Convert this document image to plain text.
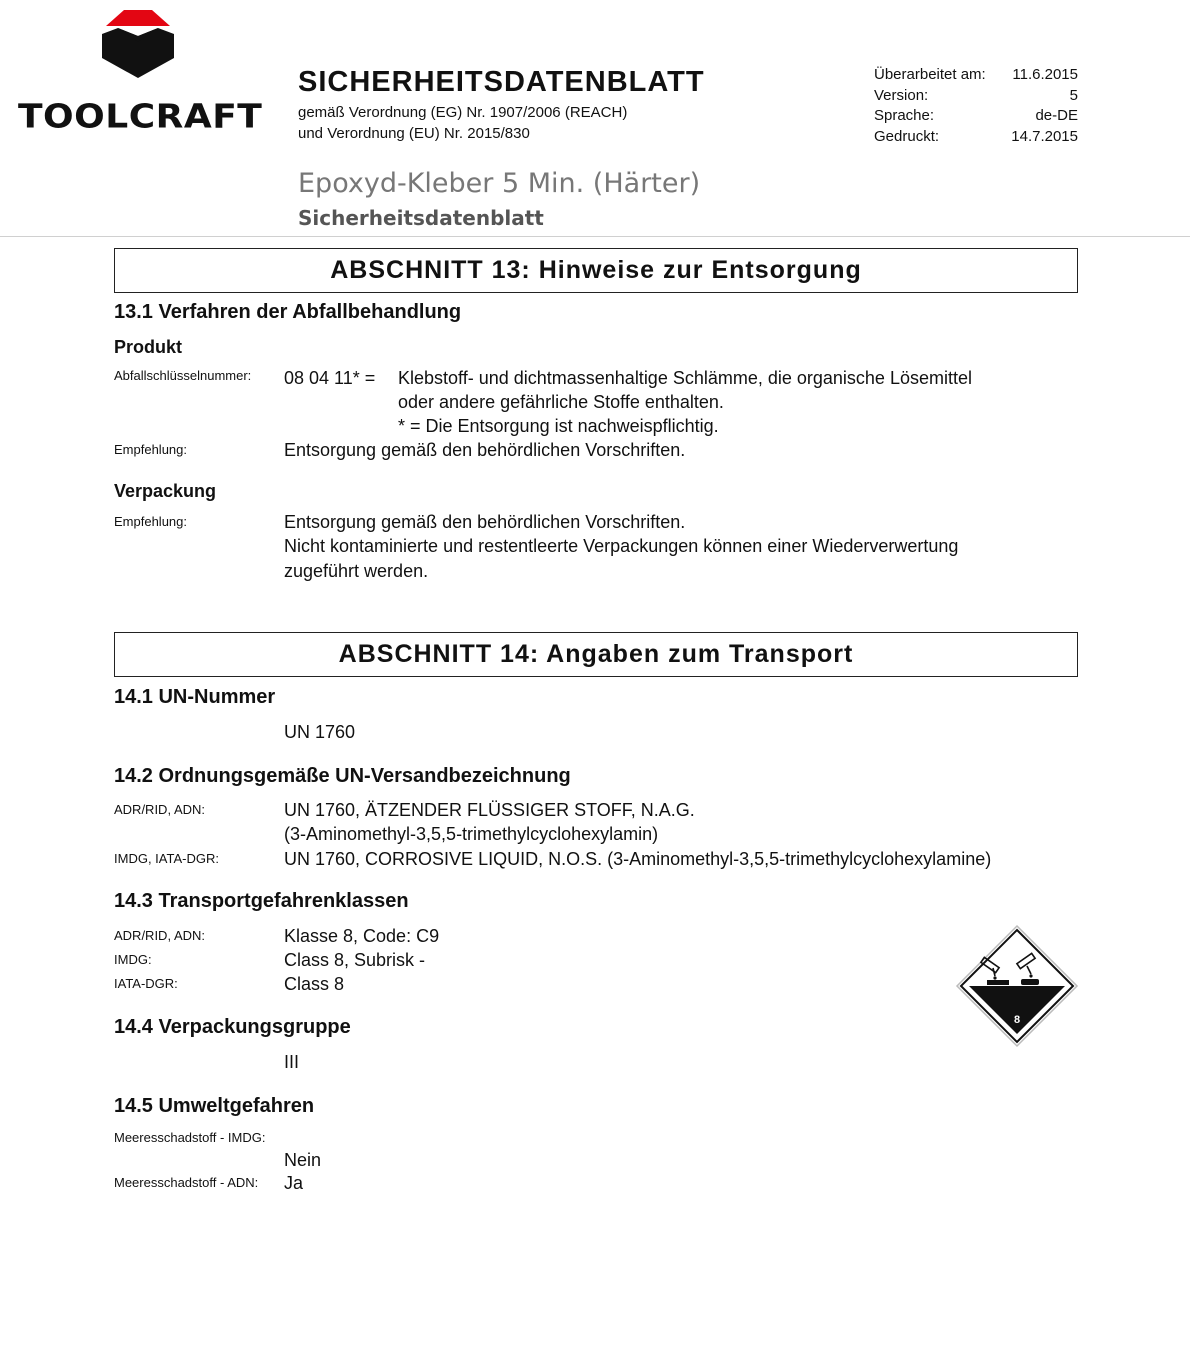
TOOLCRAFT
SICHERHEITSDATENBLATT
gemäß Verordnung (EG) Nr. 1907/2006 (REACH)
und Verordnung (EU) Nr. 2015/830
Überarbeitet am: 11.6.2015
Version:	5
Sprache:	de-DE
Gedruckt:	14.7.2015
Epoxyd-Kleber 5 Min. (Härter)
Sicherheitsdatenblatt
ABSCHNITT 13: Hinweise zur Entsorgung
13.1 Verfahren der Abfallbehandlung
Produkt
Abfallschlüsselnummer: 08 04 11* = Klebstoff- und dichtmassenhaltige Schlämme, die organische Lösemittel
oder andere gefährliche Stoffe enthalten.
* = Die Entsorgung ist nachweispflichtig.
Empfehlung:	Entsorgung gemäß den behördlichen Vorschriften.
Verpackung
Empfehlung:	Entsorgung gemäß den behördlichen Vorschriften.
Nicht kontaminierte und restentleerte Verpackungen können einer Wiederverwertung
zugeführt werden.
ABSCHNITT 14: Angaben zum Transport
14.1 UN-Nummer
UN 1760
14.2 Ordnungsgemäße UN-Versandbezeichnung
ADR/RID, ADN:	UN 1760, ÄTZENDER FLÜSSIGER STOFF, N.A.G.
(3-Aminomethyl-3,5,5-trimethylcyclohexylamin)
IMDG, IATA-DGR:	UN 1760, CORROSIVE LIQUID, N.O.S. (3-Aminomethyl-3,5,5-trimethylcyclohexylamine)
14.3 Transportgefahrenklassen
ADR/RID, ADN:	Klasse 8, Code: C9
IMDG:	Class 8, Subrisk -
IATA-DGR:	Class 8
8
14.4 Verpackungsgruppe
III
14.5 Umweltgefahren
Meeresschadstoff - IMDG:
Nein
Meeresschadstoff - ADN: Ja
